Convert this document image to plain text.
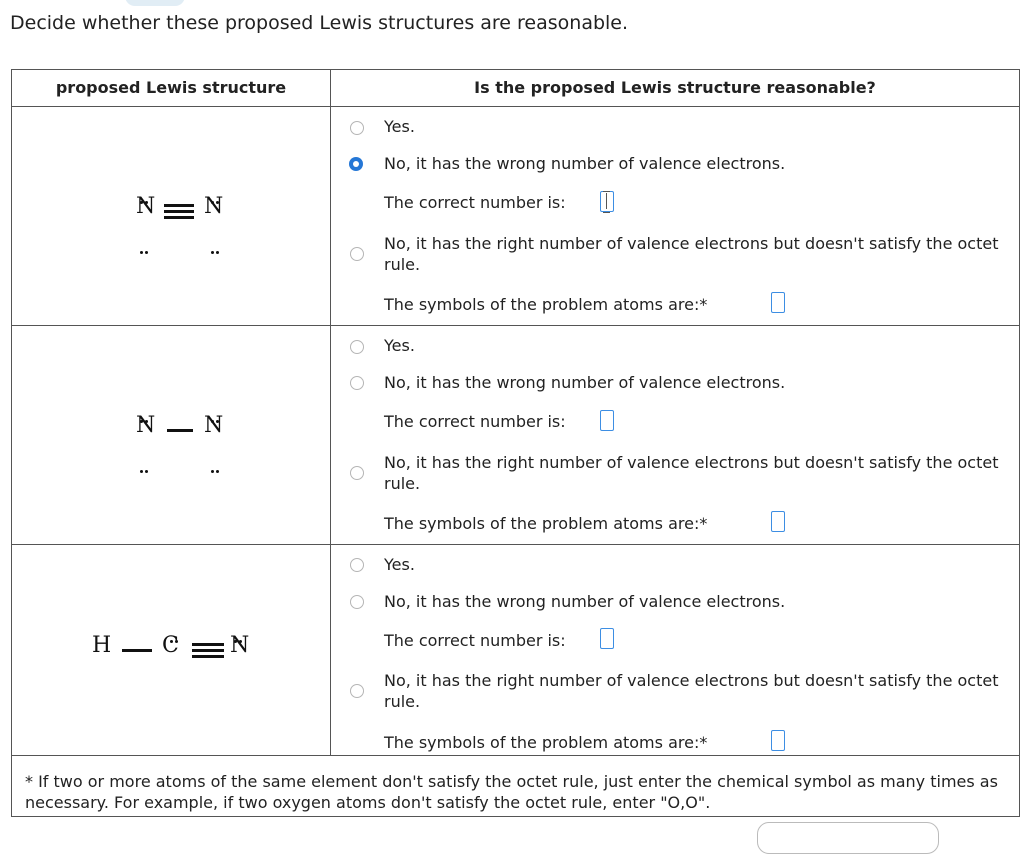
Decide whether these proposed Lewis structures are reasonable.
proposed Lewis structure	Is the proposed Lewis structure reasonable?
N N
Yes.
No, it has the wrong number of valence electrons.
The correct number is:
No, it has the right number of valence electrons but doesn't satisfy the octet rule.
The symbols of the problem atoms are:*
N N
Yes.
No, it has the wrong number of valence electrons.
The correct number is:
No, it has the right number of valence electrons but doesn't satisfy the octet rule.
The symbols of the problem atoms are:*
H C N
Yes.
No, it has the wrong number of valence electrons.
The correct number is:
No, it has the right number of valence electrons but doesn't satisfy the octet rule.
The symbols of the problem atoms are:*
* If two or more atoms of the same element don't satisfy the octet rule, just enter the chemical symbol as many times as necessary. For example, if two oxygen atoms don't satisfy the octet rule, enter "O,O".
